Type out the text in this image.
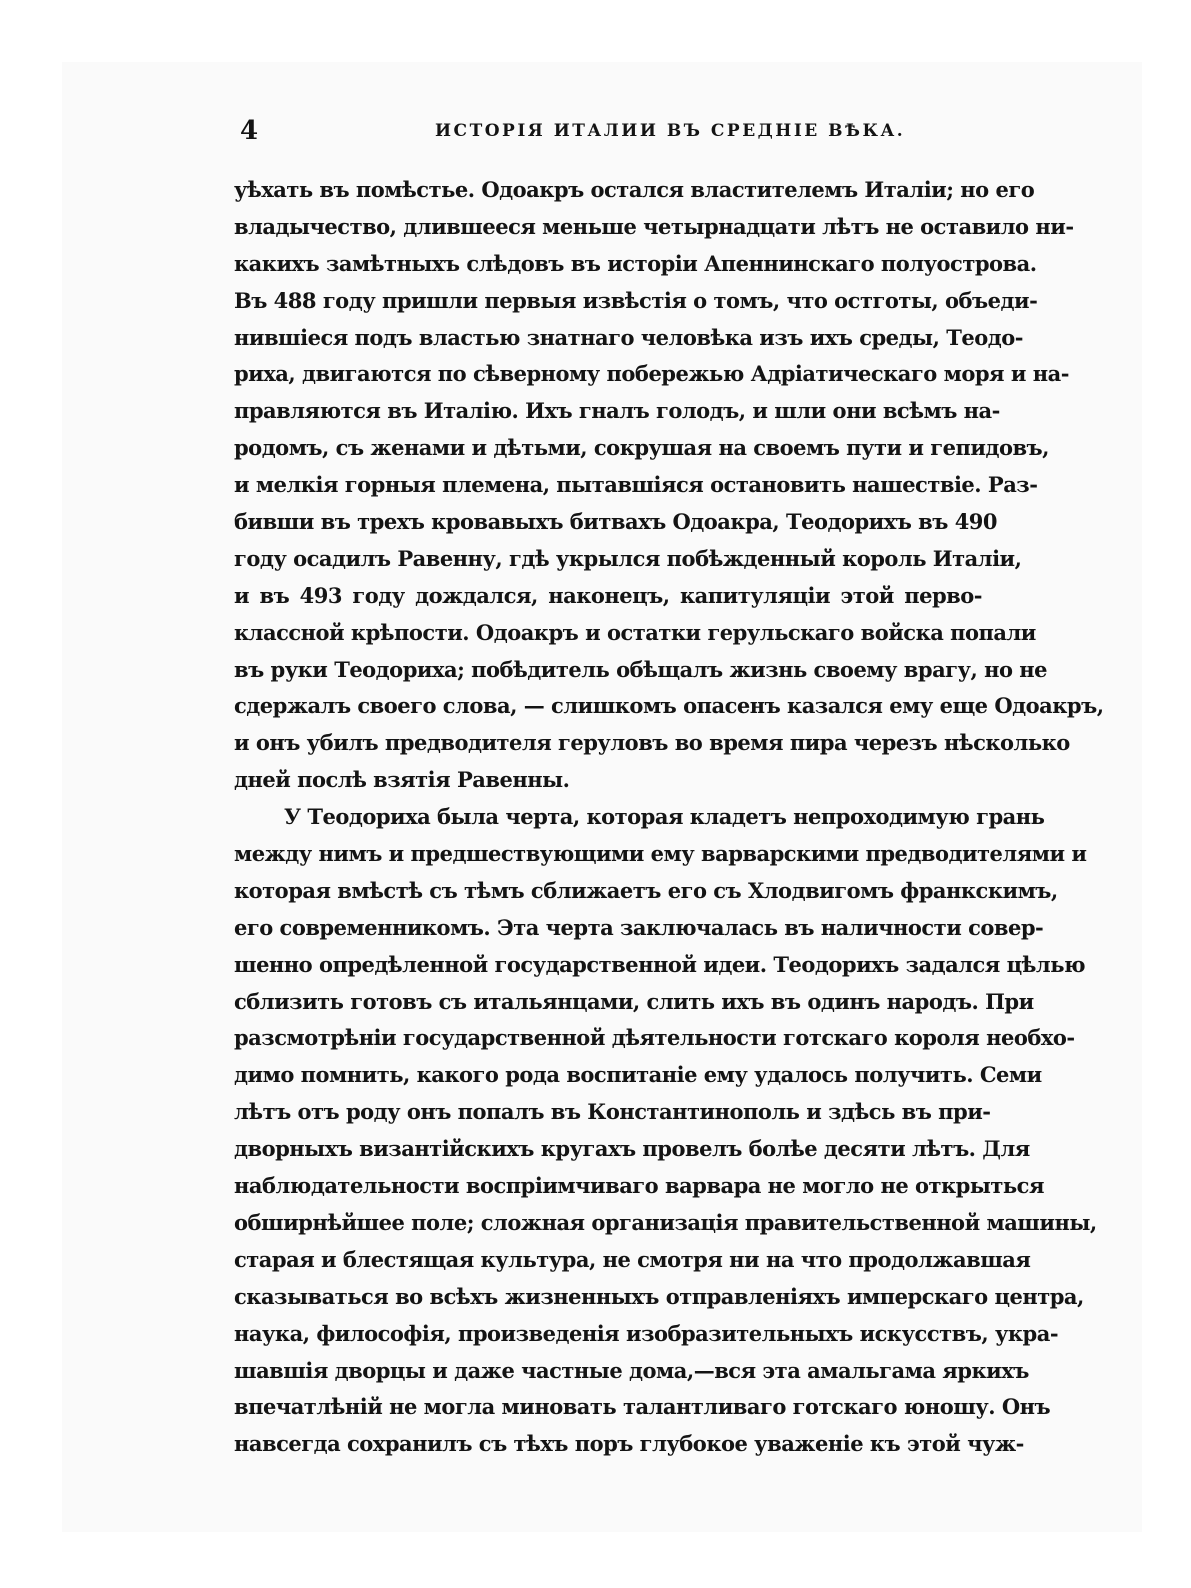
4	ИСТОРІЯ ИТАЛИИ ВЪ СРЕДНІЕ ВѢКА.
уѣхать въ помѣстье. Одоакръ остался властителемъ Италіи; но его
владычество, длившееся меньше четырнадцати лѣтъ не оставило ни-
какихъ замѣтныхъ слѣдовъ въ исторіи Апеннинскаго полуострова.
Въ 488 году пришли первыя извѣстія о томъ, что остготы, объеди-
нившіеся подъ властью знатнаго человѣка изъ ихъ среды, Теодо-
риха, двигаются по сѣверному побережью Адріатическаго моря и на-
правляются въ Италію. Ихъ гналъ голодъ, и шли они всѣмъ на-
родомъ, съ женами и дѣтьми, сокрушая на своемъ пути и гепидовъ,
и мелкія горныя племена, пытавшіяся остановить нашествіе. Раз-
бивши въ трехъ кровавыхъ битвахъ Одоакра, Теодорихъ въ 490
году осадилъ Равенну, гдѣ укрылся побѣжденный король Италіи,
и въ 493 году дождался, наконецъ, капитуляціи этой перво-
классной крѣпости. Одоакръ и остатки герульскаго войска попали
въ руки Теодориха; побѣдитель обѣщалъ жизнь своему врагу, но не
сдержалъ своего слова, — слишкомъ опасенъ казался ему еще Одоакръ,
и онъ убилъ предводителя геруловъ во время пира черезъ нѣсколько
дней послѣ взятія Равенны.
У Теодориха была черта, которая кладетъ непроходимую грань
между нимъ и предшествующими ему варварскими предводителями и
которая вмѣстѣ съ тѣмъ сближаетъ его съ Хлодвигомъ франкскимъ,
его современникомъ. Эта черта заключалась въ наличности совер-
шенно опредѣленной государственной идеи. Теодорихъ задался цѣлью
сблизить готовъ съ итальянцами, слить ихъ въ одинъ народъ. При
разсмотрѣніи государственной дѣятельности готскаго короля необхо-
димо помнить, какого рода воспитаніе ему удалось получить. Семи
лѣтъ отъ роду онъ попалъ въ Константинополь и здѣсь въ при-
дворныхъ византійскихъ кругахъ провелъ болѣе десяти лѣтъ. Для
наблюдательности воспріимчиваго варвара не могло не открыться
обширнѣйшее поле; сложная организація правительственной машины,
старая и блестящая культура, не смотря ни на что продолжавшая
сказываться во всѣхъ жизненныхъ отправленіяхъ имперскаго центра,
наука, философія, произведенія изобразительныхъ искусствъ, укра-
шавшія дворцы и даже частные дома,—вся эта амальгама яркихъ
впечатлѣній не могла миновать талантливаго готскаго юношу. Онъ
навсегда сохранилъ съ тѣхъ поръ глубокое уваженіе къ этой чуж-
